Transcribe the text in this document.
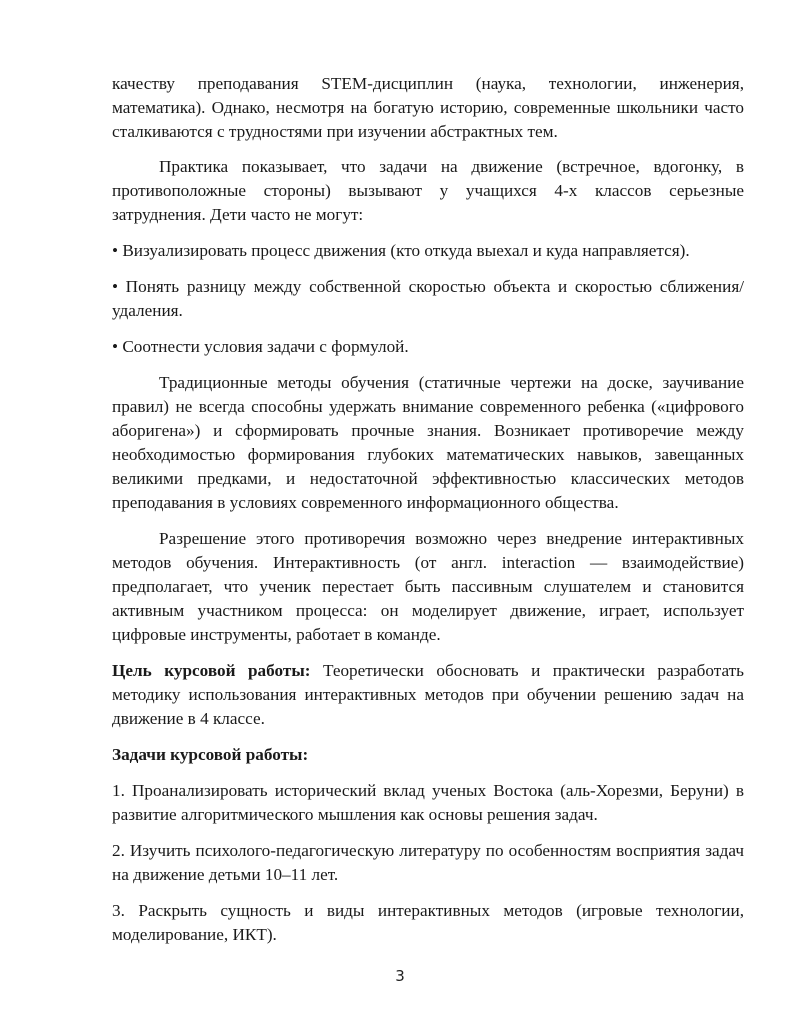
качеству преподавания STEM-дисциплин (наука, технологии, инженерия, математика). Однако, несмотря на богатую историю, современные школьники часто сталкиваются с трудностями при изучении абстрактных тем.

Практика показывает, что задачи на движение (встречное, вдогонку, в противоположные стороны) вызывают у учащихся 4-х классов серьезные затруднения. Дети часто не могут:

• Визуализировать процесс движения (кто откуда выехал и куда направляется).

• Понять разницу между собственной скоростью объекта и скоростью сближения/удаления.

• Соотнести условия задачи с формулой.

Традиционные методы обучения (статичные чертежи на доске, заучивание правил) не всегда способны удержать внимание современного ребенка («цифрового аборигена») и сформировать прочные знания. Возникает противоречие между необходимостью формирования глубоких математических навыков, завещанных великими предками, и недостаточной эффективностью классических методов преподавания в условиях современного информационного общества.

Разрешение этого противоречия возможно через внедрение интерактивных методов обучения. Интерактивность (от англ. interaction — взаимодействие) предполагает, что ученик перестает быть пассивным слушателем и становится активным участником процесса: он моделирует движение, играет, использует цифровые инструменты, работает в команде.

Цель курсовой работы: Теоретически обосновать и практически разработать методику использования интерактивных методов при обучении решению задач на движение в 4 классе.

Задачи курсовой работы:

1. Проанализировать исторический вклад ученых Востока (аль-Хорезми, Беруни) в развитие алгоритмического мышления как основы решения задач.

2. Изучить психолого-педагогическую литературу по особенностям восприятия задач на движение детьми 10–11 лет.

3. Раскрыть сущность и виды интерактивных методов (игровые технологии, моделирование, ИКТ).

3
